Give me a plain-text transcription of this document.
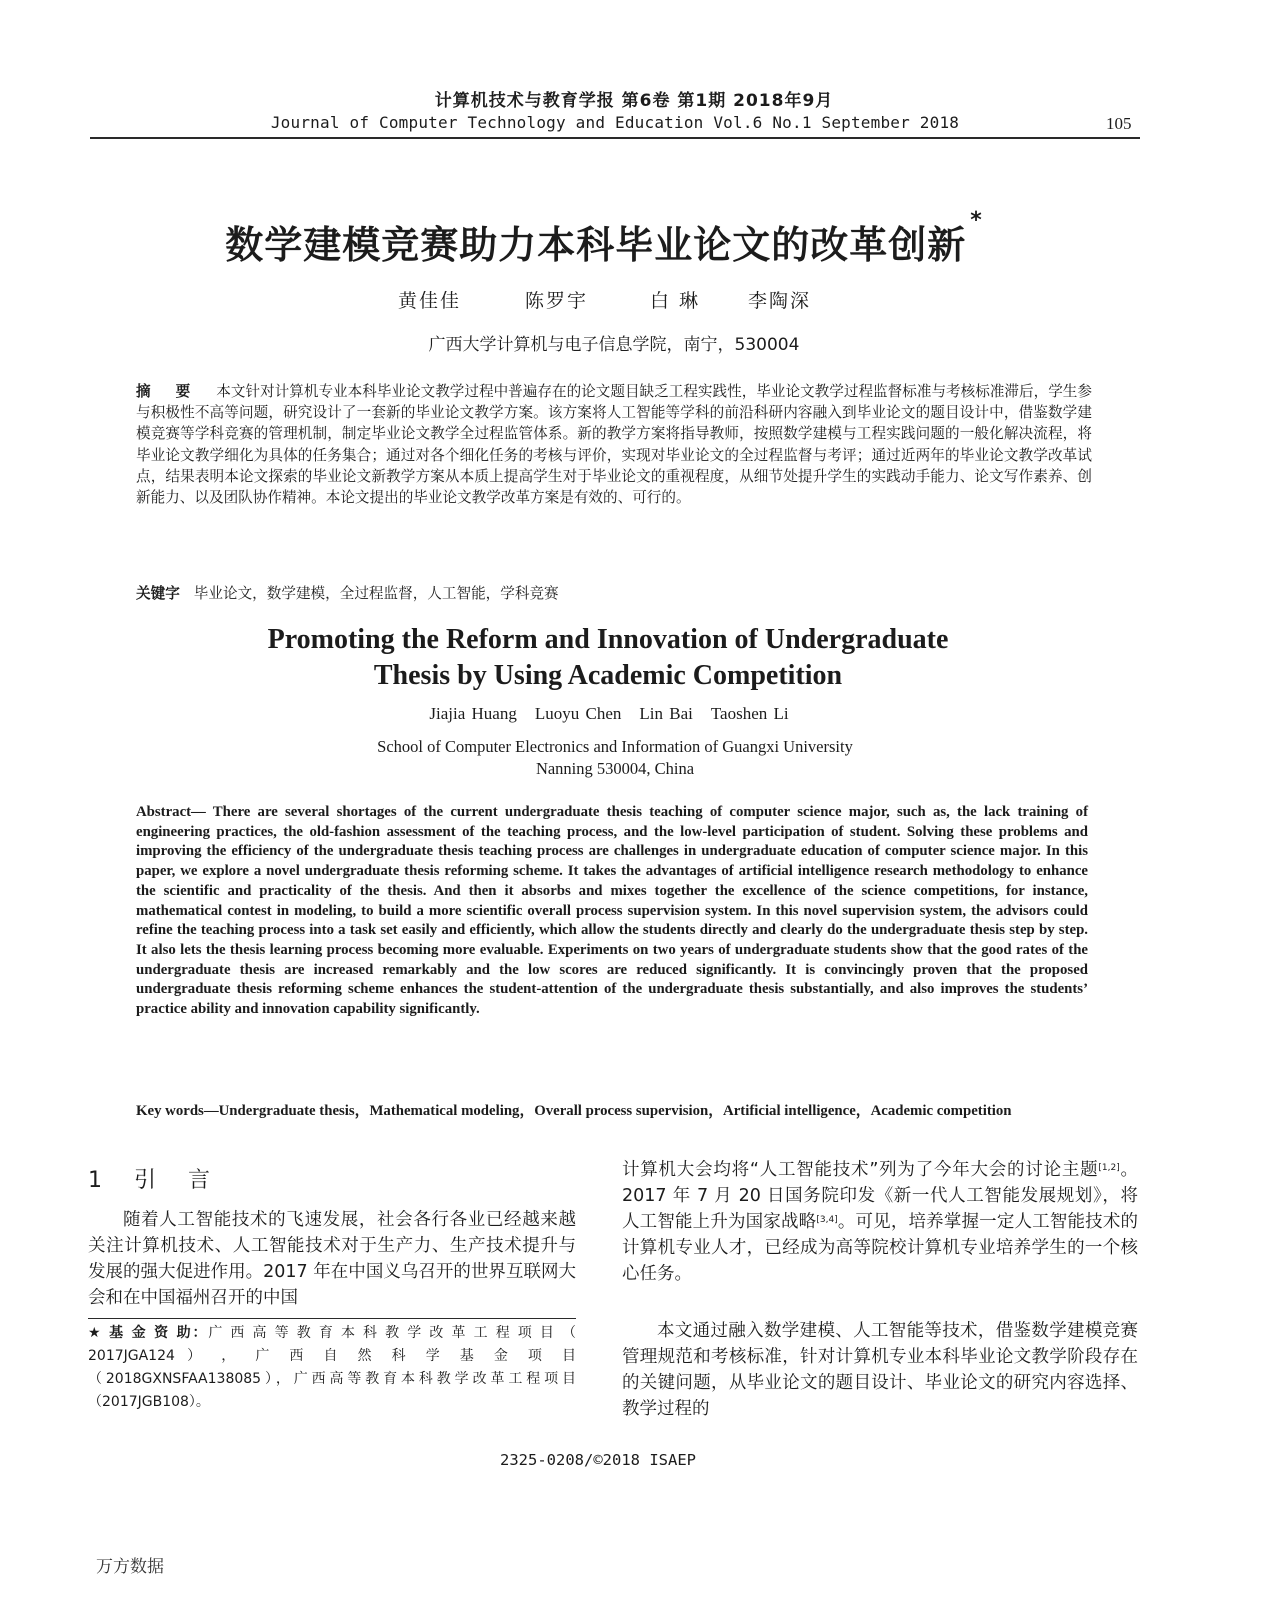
计算机技术与教育学报 第6卷 第1期 2018年9月
Journal of Computer Technology and Education Vol.6 No.1 September 2018	105
数学建模竞赛助力本科毕业论文的改革创新*
黄佳佳	陈罗宇	白 琳	李陶深
广西大学计算机与电子信息学院，南宁，530004
摘 要 本文针对计算机专业本科毕业论文教学过程中普遍存在的论文题目缺乏工程实践性，毕业论文教学过程监督标准与考核标准滞后，学生参与积极性不高等问题，研究设计了一套新的毕业论文教学方案。该方案将人工智能等学科的前沿科研内容融入到毕业论文的题目设计中，借鉴数学建模竞赛等学科竞赛的管理机制，制定毕业论文教学全过程监管体系。新的教学方案将指导教师，按照数学建模与工程实践问题的一般化解决流程，将毕业论文教学细化为具体的任务集合；通过对各个细化任务的考核与评价，实现对毕业论文的全过程监督与考评；通过近两年的毕业论文教学改革试点，结果表明本论文探索的毕业论文新教学方案从本质上提高学生对于毕业论文的重视程度，从细节处提升学生的实践动手能力、论文写作素养、创新能力、以及团队协作精神。本论文提出的毕业论文教学改革方案是有效的、可行的。
关键字 毕业论文，数学建模，全过程监督，人工智能，学科竞赛
Promoting the Reform and Innovation of Undergraduate
Thesis by Using Academic Competition
Jiajia Huang Luoyu Chen Lin Bai Taoshen Li
School of Computer Electronics and Information of Guangxi University
Nanning 530004, China
Abstract— There are several shortages of the current undergraduate thesis teaching of computer science major, such as, the lack training of engineering practices, the old-fashion assessment of the teaching process, and the low-level participation of student. Solving these problems and improving the efficiency of the undergraduate thesis teaching process are challenges in undergraduate education of computer science major. In this paper, we explore a novel undergraduate thesis reforming scheme. It takes the advantages of artificial intelligence research methodology to enhance the scientific and practicality of the thesis. And then it absorbs and mixes together the excellence of the science competitions, for instance, mathematical contest in modeling, to build a more scientific overall process supervision system. In this novel supervision system, the advisors could refine the teaching process into a task set easily and efficiently, which allow the students directly and clearly do the undergraduate thesis step by step. It also lets the thesis learning process becoming more evaluable. Experiments on two years of undergraduate students show that the good rates of the undergraduate thesis are increased remarkably and the low scores are reduced significantly. It is convincingly proven that the proposed undergraduate thesis reforming scheme enhances the student-attention of the undergraduate thesis substantially, and also improves the students’ practice ability and innovation capability significantly.
Key words—Undergraduate thesis，Mathematical modeling，Overall process supervision，Artificial intelligence，Academic competition
1 引 言

随着人工智能技术的飞速发展，社会各行各业已经越来越关注计算机技术、人工智能技术对于生产力、生产技术提升与发展的强大促进作用。2017 年在中国义乌召开的世界互联网大会和在中国福州召开的中国

计算机大会均将“人工智能技术”列为了今年大会的讨论主题[1,2]。2017 年 7 月 20 日国务院印发《新一代人工智能发展规划》，将人工智能上升为国家战略[3,4]。可见，培养掌握一定人工智能技术的计算机专业人才，已经成为高等院校计算机专业培养学生的一个核心任务。

本文通过融入数学建模、人工智能等技术，借鉴数学建模竞赛管理规范和考核标准，针对计算机专业本科毕业论文教学阶段存在的关键问题，从毕业论文的题目设计、毕业论文的研究内容选择、教学过程的

★ 基 金 资 助：广 西 高 等 教 育 本 科 教 学 改 革 工 程 项 目 （ 2017JGA124 ） ， 广 西 自 然 科 学 基 金 项 目（2018GXNSFAA138085），广西高等教育本科教学改革工程项目（2017JGB108）。
2325-0208/©2018 ISAEP
万方数据
